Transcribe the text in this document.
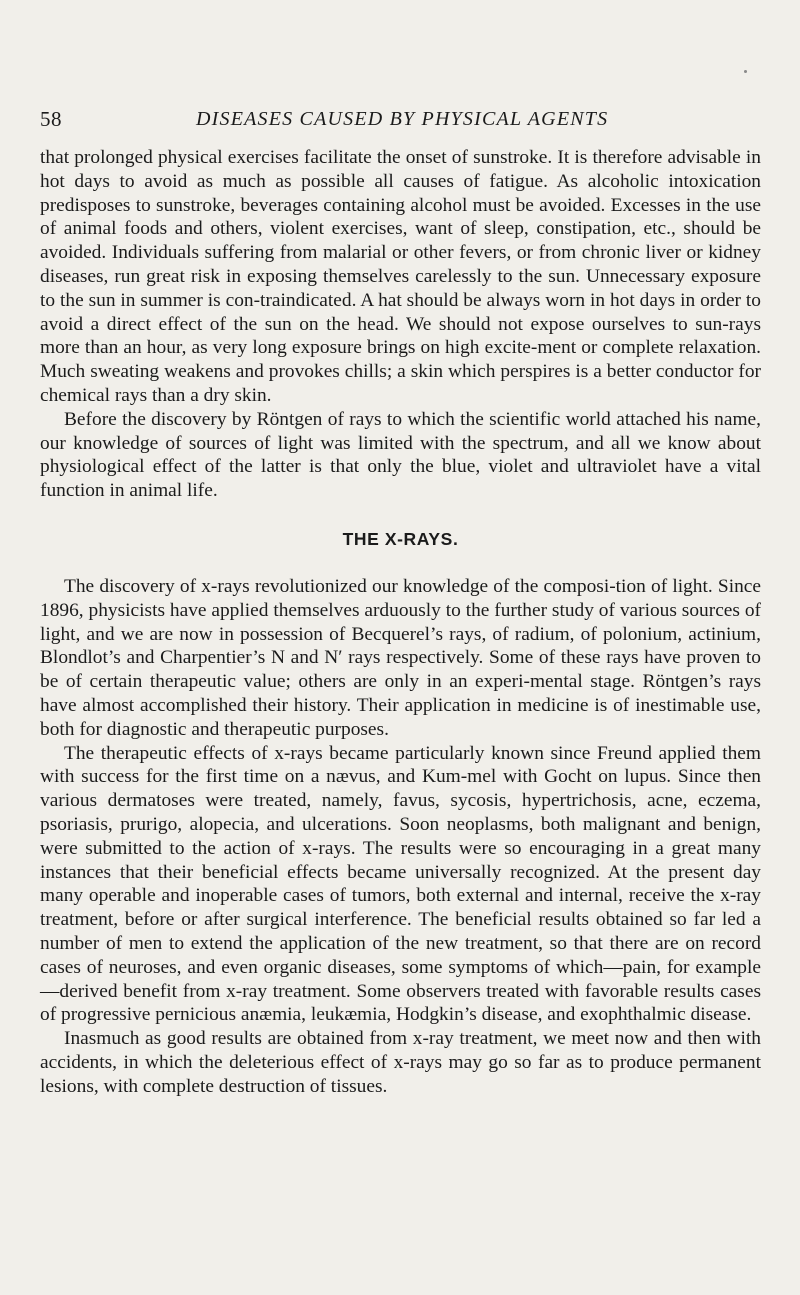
58	DISEASES CAUSED BY PHYSICAL AGENTS

that prolonged physical exercises facilitate the onset of sunstroke. It is therefore advisable in hot days to avoid as much as possible all causes of fatigue. As alcoholic intoxication predisposes to sunstroke, beverages containing alcohol must be avoided. Excesses in the use of animal foods and others, violent exercises, want of sleep, constipation, etc., should be avoided. Individuals suffering from malarial or other fevers, or from chronic liver or kidney diseases, run great risk in exposing themselves carelessly to the sun. Unnecessary exposure to the sun in summer is con-traindicated. A hat should be always worn in hot days in order to avoid a direct effect of the sun on the head. We should not expose ourselves to sun-rays more than an hour, as very long exposure brings on high excite-ment or complete relaxation. Much sweating weakens and provokes chills; a skin which perspires is a better conductor for chemical rays than a dry skin.

Before the discovery by Röntgen of rays to which the scientific world attached his name, our knowledge of sources of light was limited with the spectrum, and all we know about physiological effect of the latter is that only the blue, violet and ultraviolet have a vital function in animal life.

THE X-RAYS.

The discovery of x-rays revolutionized our knowledge of the composi-tion of light. Since 1896, physicists have applied themselves arduously to the further study of various sources of light, and we are now in possession of Becquerel’s rays, of radium, of polonium, actinium, Blondlot’s and Charpentier’s N and N′ rays respectively. Some of these rays have proven to be of certain therapeutic value; others are only in an experi-mental stage. Röntgen’s rays have almost accomplished their history. Their application in medicine is of inestimable use, both for diagnostic and therapeutic purposes.

The therapeutic effects of x-rays became particularly known since Freund applied them with success for the first time on a nævus, and Kum-mel with Gocht on lupus. Since then various dermatoses were treated, namely, favus, sycosis, hypertrichosis, acne, eczema, psoriasis, prurigo, alopecia, and ulcerations. Soon neoplasms, both malignant and benign, were submitted to the action of x-rays. The results were so encouraging in a great many instances that their beneficial effects became universally recognized. At the present day many operable and inoperable cases of tumors, both external and internal, receive the x-ray treatment, before or after surgical interference. The beneficial results obtained so far led a number of men to extend the application of the new treatment, so that there are on record cases of neuroses, and even organic diseases, some symptoms of which—pain, for example—derived benefit from x-ray treatment. Some observers treated with favorable results cases of progressive pernicious anæmia, leukæmia, Hodgkin’s disease, and exophthalmic disease.

Inasmuch as good results are obtained from x-ray treatment, we meet now and then with accidents, in which the deleterious effect of x-rays may go so far as to produce permanent lesions, with complete destruction of tissues.
